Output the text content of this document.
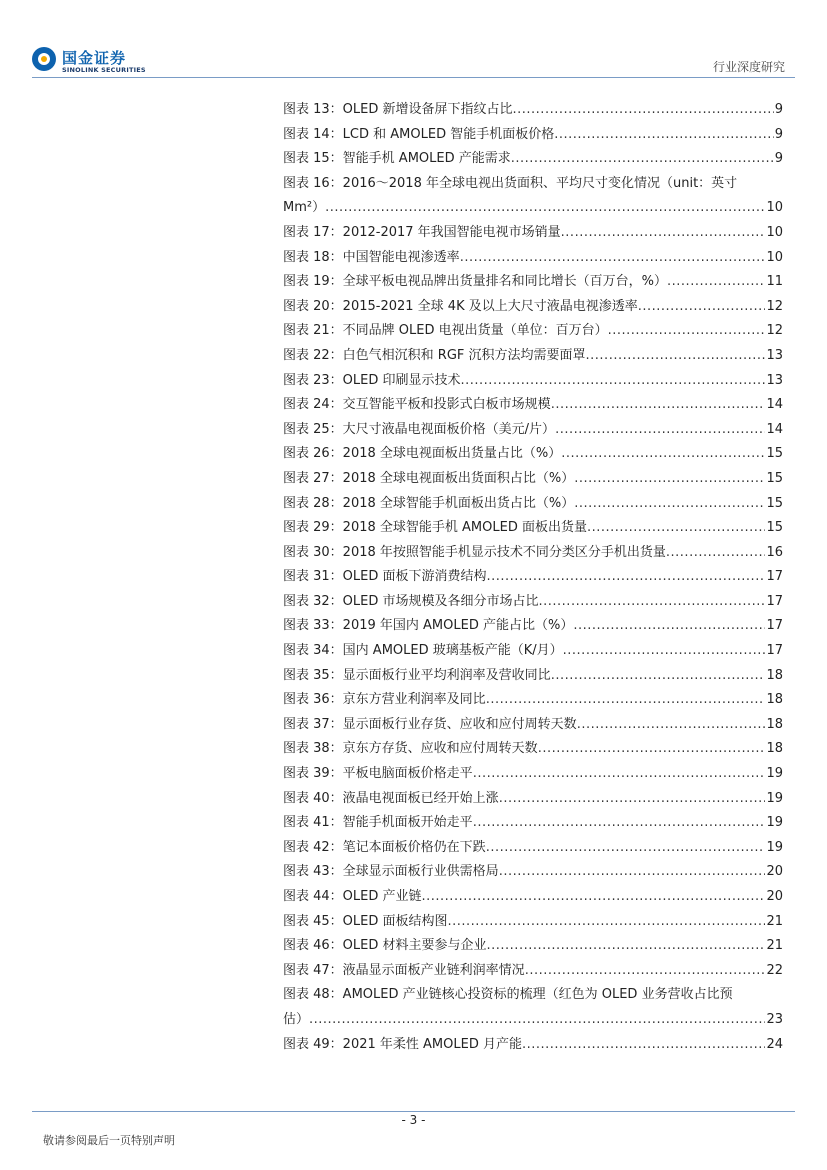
国金证券
SINOLINK SECURITIES	行业深度研究
图表 13：OLED 新增设备屏下指纹占比 .....	9
图表 14：LCD 和 AMOLED 智能手机面板价格 .....	9
图表 15：智能手机 AMOLED 产能需求 .....	9
图表 16：2016～2018 年全球电视出货面积、平均尺寸变化情况（unit：英寸
Mm²） .....	10
图表 17：2012-2017 年我国智能电视市场销量 .....	10
图表 18：中国智能电视渗透率 .....	10
图表 19：全球平板电视品牌出货量排名和同比增长（百万台，%） .....	11
图表 20：2015-2021 全球 4K 及以上大尺寸液晶电视渗透率 .....	12
图表 21：不同品牌 OLED 电视出货量（单位：百万台） .....	12
图表 22：白色气相沉积和 RGF 沉积方法均需要面罩 .....	13
图表 23：OLED 印刷显示技术 .....	13
图表 24：交互智能平板和投影式白板市场规模 .....	14
图表 25：大尺寸液晶电视面板价格（美元/片） .....	14
图表 26：2018 全球电视面板出货量占比（%） .....	15
图表 27：2018 全球电视面板出货面积占比（%） .....	15
图表 28：2018 全球智能手机面板出货占比（%） .....	15
图表 29：2018 全球智能手机 AMOLED 面板出货量 .....	15
图表 30：2018 年按照智能手机显示技术不同分类区分手机出货量 .....	16
图表 31：OLED 面板下游消费结构 .....	17
图表 32：OLED 市场规模及各细分市场占比 .....	17
图表 33：2019 年国内 AMOLED 产能占比（%） .....	17
图表 34：国内 AMOLED 玻璃基板产能（K/月） .....	17
图表 35：显示面板行业平均利润率及营收同比 .....	18
图表 36：京东方营业利润率及同比 .....	18
图表 37：显示面板行业存货、应收和应付周转天数 .....	18
图表 38：京东方存货、应收和应付周转天数 .....	18
图表 39：平板电脑面板价格走平 .....	19
图表 40：液晶电视面板已经开始上涨 .....	19
图表 41：智能手机面板开始走平 .....	19
图表 42：笔记本面板价格仍在下跌 .....	19
图表 43：全球显示面板行业供需格局 .....	20
图表 44：OLED 产业链 .....	20
图表 45：OLED 面板结构图 .....	21
图表 46：OLED 材料主要参与企业 .....	21
图表 47：液晶显示面板产业链利润率情况 .....	22
图表 48：AMOLED 产业链核心投资标的梳理（红色为 OLED 业务营收占比预
估） .....	23
图表 49：2021 年柔性 AMOLED 月产能 .....	24
- 3 -
敬请参阅最后一页特别声明
